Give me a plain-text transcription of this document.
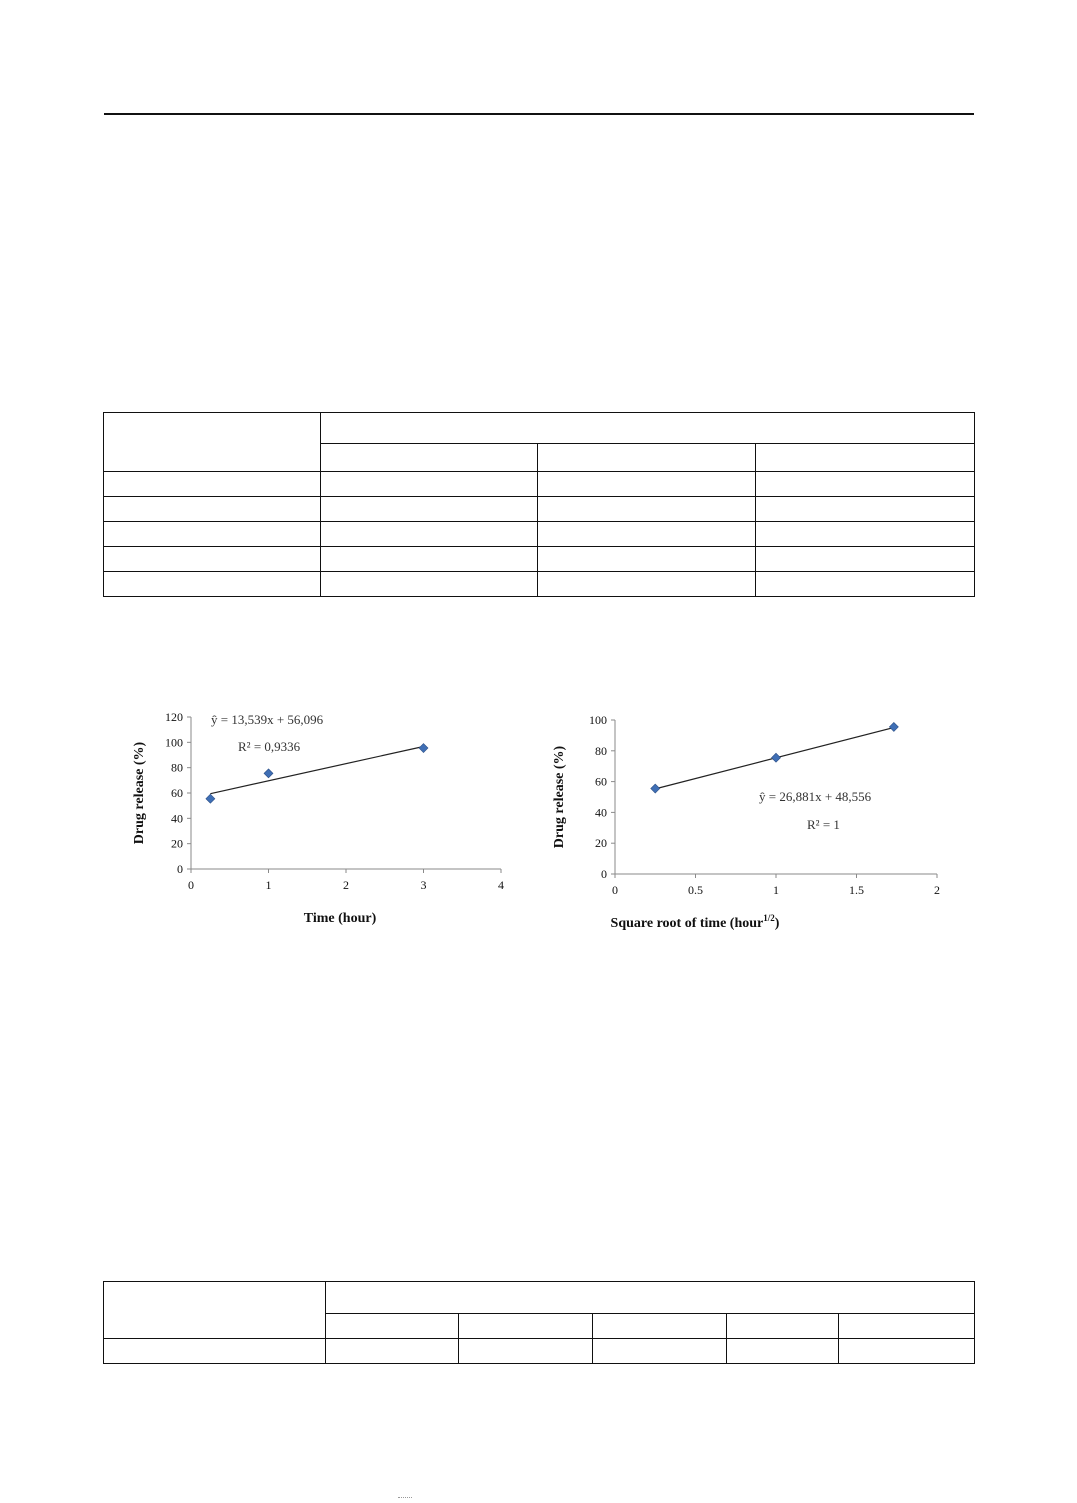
0
20
40
60
80
100
120
0	1	2	3	4
ŷ = 13,539x + 56,096
R² = 0,9336
Time (hour)
Drug release (%)
0
20
40
60
80
100
0	0.5	1	1.5	2
ŷ = 26,881x + 48,556
R² = 1
Square root of time (hour$^{1/2}$)
Drug release (%)
